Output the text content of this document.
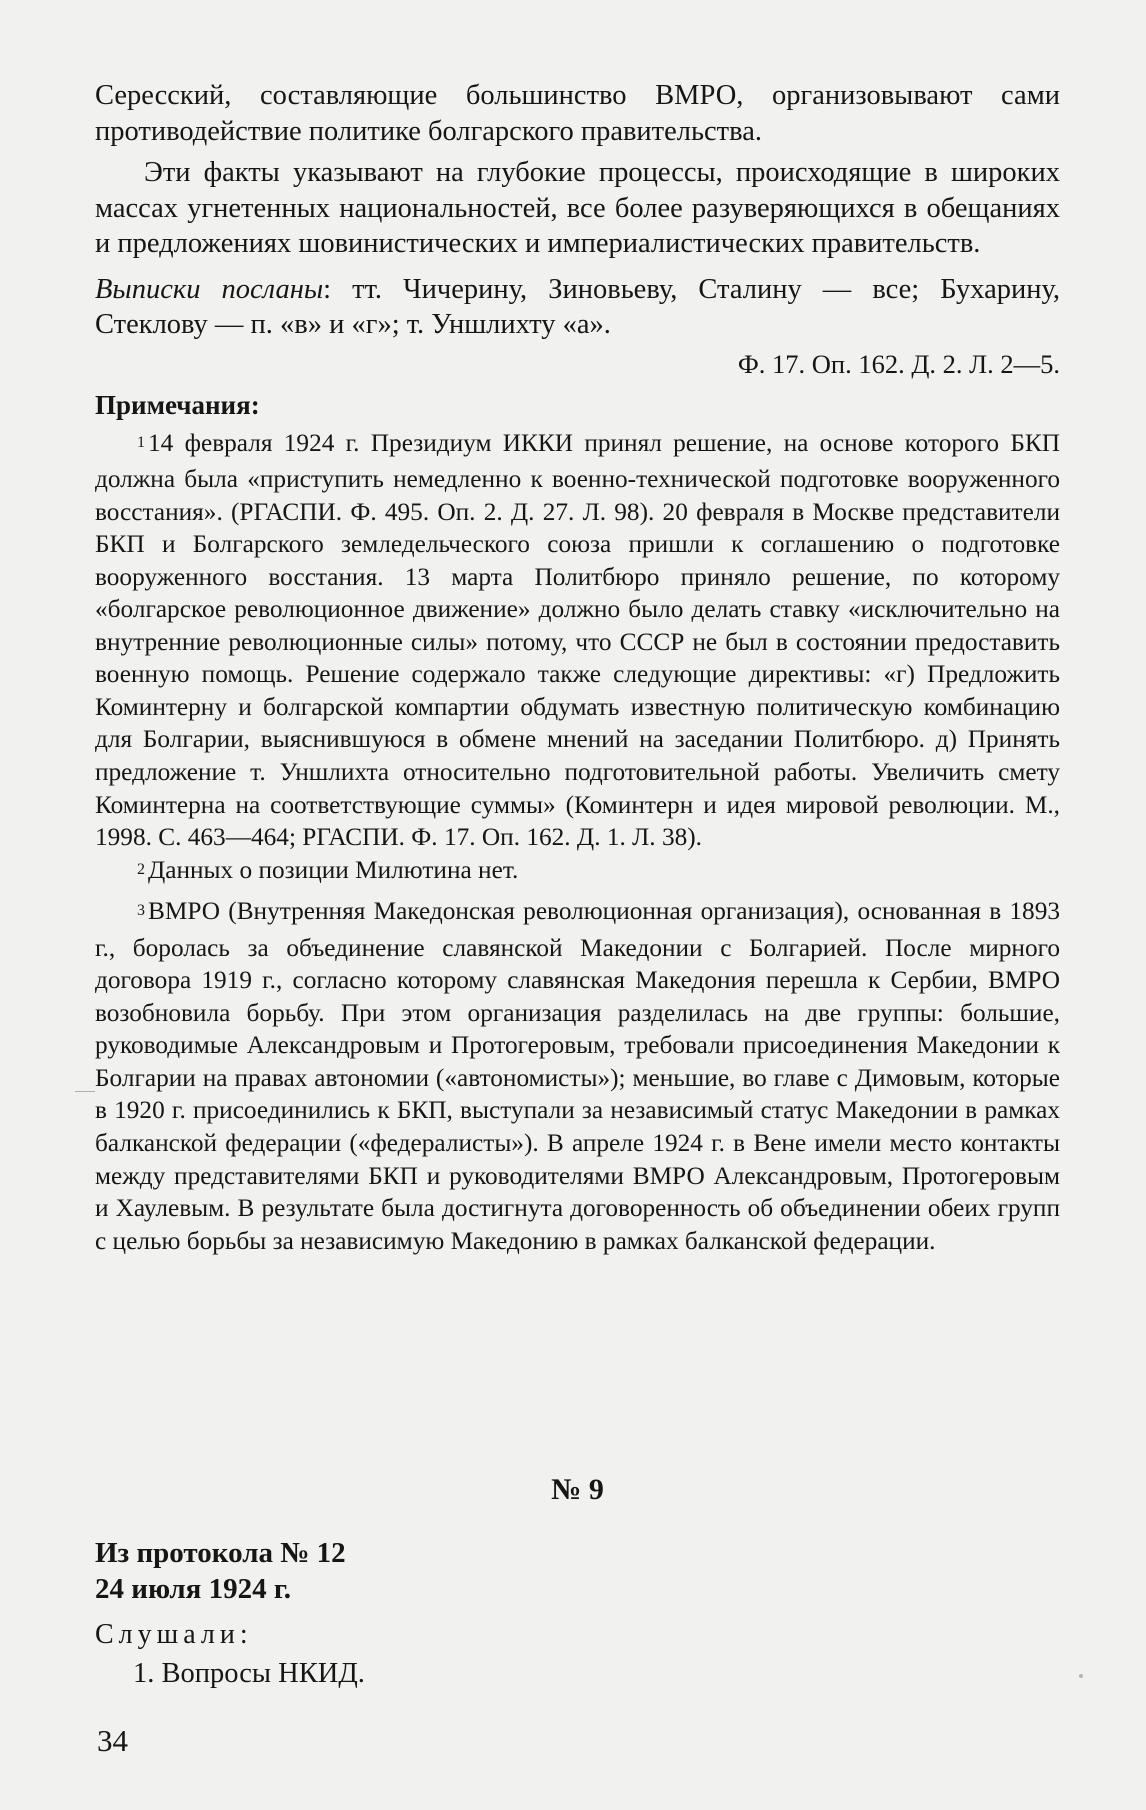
Сересский, составляющие большинство ВМРО, организовывают сами противодействие политике болгарского правительства.

Эти факты указывают на глубокие процессы, происходящие в широких массах угнетенных национальностей, все более разуверяющихся в обещаниях и предложениях шовинистических и империалистических правительств.

Выписки посланы: тт. Чичерину, Зиновьеву, Сталину — все; Бухарину, Стеклову — п. «в» и «г»; т. Уншлихту «а».

Ф. 17. Оп. 162. Д. 2. Л. 2—5.

Примечания:

$^1$ 14 февраля 1924 г. Президиум ИККИ принял решение, на основе которого БКП должна была «приступить немедленно к военно-технической подготовке вооруженного восстания». (РГАСПИ. Ф. 495. Оп. 2. Д. 27. Л. 98). 20 февраля в Москве представители БКП и Болгарского земледельческого союза пришли к соглашению о подготовке вооруженного восстания. 13 марта Политбюро приняло решение, по которому «болгарское революционное движение» должно было делать ставку «исключительно на внутренние революционные силы» потому, что СССР не был в состоянии предоставить военную помощь. Решение содержало также следующие директивы: «г) Предложить Коминтерну и болгарской компартии обдумать известную политическую комбинацию для Болгарии, выяснившуюся в обмене мнений на заседании Политбюро. д) Принять предложение т. Уншлихта относительно подготовительной работы. Увеличить смету Коминтерна на соответствующие суммы» (Коминтерн и идея мировой революции. М., 1998. С. 463—464; РГАСПИ. Ф. 17. Оп. 162. Д. 1. Л. 38).

$^2$ Данных о позиции Милютина нет.

$^3$ ВМРО (Внутренняя Македонская революционная организация), основанная в 1893 г., боролась за объединение славянской Македонии с Болгарией. После мирного договора 1919 г., согласно которому славянская Македония перешла к Сербии, ВМРО возобновила борьбу. При этом организация разделилась на две группы: большие, руководимые Александровым и Протогеровым, требовали присоединения Македонии к Болгарии на правах автономии («автономисты»); меньшие, во главе с Димовым, которые в 1920 г. присоединились к БКП, выступали за независимый статус Македонии в рамках балканской федерации («федералисты»). В апреле 1924 г. в Вене имели место контакты между представителями БКП и руководителями ВМРО Александровым, Протогеровым и Хаулевым. В результате была достигнута договоренность об объединении обеих групп с целью борьбы за независимую Македонию в рамках балканской федерации.

№ 9

Из протокола № 12

24 июля 1924 г.

Слушали:

1. Вопросы НКИД.

34
